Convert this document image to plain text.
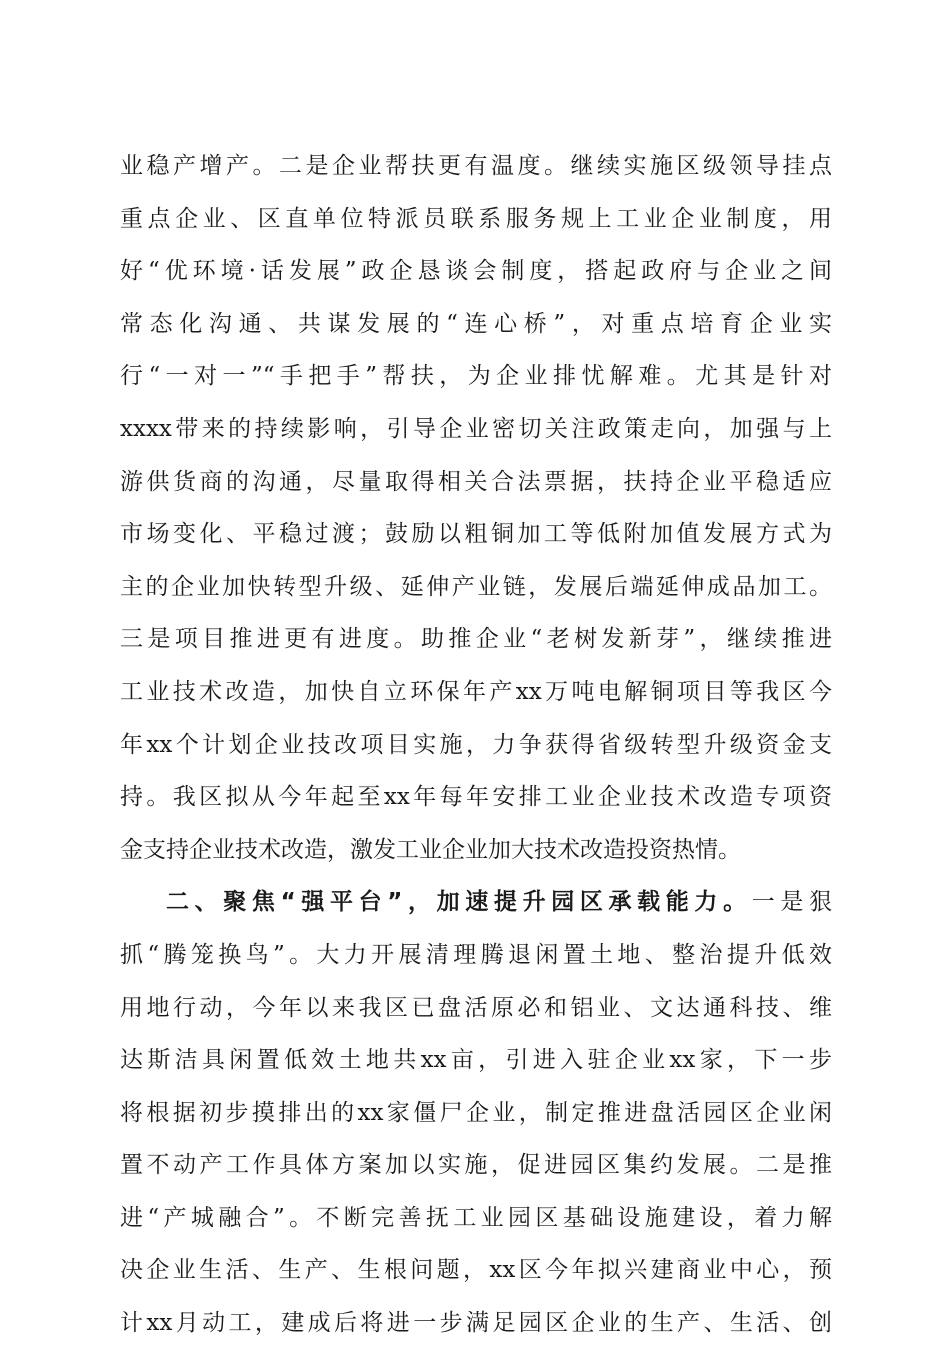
业稳产增产。二是企业帮扶更有温度。继续实施区级领导挂点
重点企业、区直单位特派员联系服务规上工业企业制度，用
好“优环境·话发展”政企恳谈会制度，搭起政府与企业之间
常态化沟通、共谋发展的“连心桥”，对重点培育企业实
行“一对一”“手把手”帮扶，为企业排忧解难。尤其是针对
xxxx带来的持续影响，引导企业密切关注政策走向，加强与上
游供货商的沟通，尽量取得相关合法票据，扶持企业平稳适应
市场变化、平稳过渡；鼓励以粗铜加工等低附加值发展方式为
主的企业加快转型升级、延伸产业链，发展后端延伸成品加工。
三是项目推进更有进度。助推企业“老树发新芽”，继续推进
工业技术改造，加快自立环保年产xx万吨电解铜项目等我区今
年xx个计划企业技改项目实施，力争获得省级转型升级资金支
持。我区拟从今年起至xx年每年安排工业企业技术改造专项资
金支持企业技术改造，激发工业企业加大技术改造投资热情。
二、聚焦“强平台”，加速提升园区承载能力。一是狠
抓“腾笼换鸟”。大力开展清理腾退闲置土地、整治提升低效
用地行动，今年以来我区已盘活原必和铝业、文达通科技、维
达斯洁具闲置低效土地共xx亩，引进入驻企业xx家，下一步
将根据初步摸排出的xx家僵尸企业，制定推进盘活园区企业闲
置不动产工作具体方案加以实施，促进园区集约发展。二是推
进“产城融合”。不断完善抚工业园区基础设施建设，着力解
决企业生活、生产、生根问题，xx区今年拟兴建商业中心，预
计xx月动工，建成后将进一步满足园区企业的生产、生活、创
